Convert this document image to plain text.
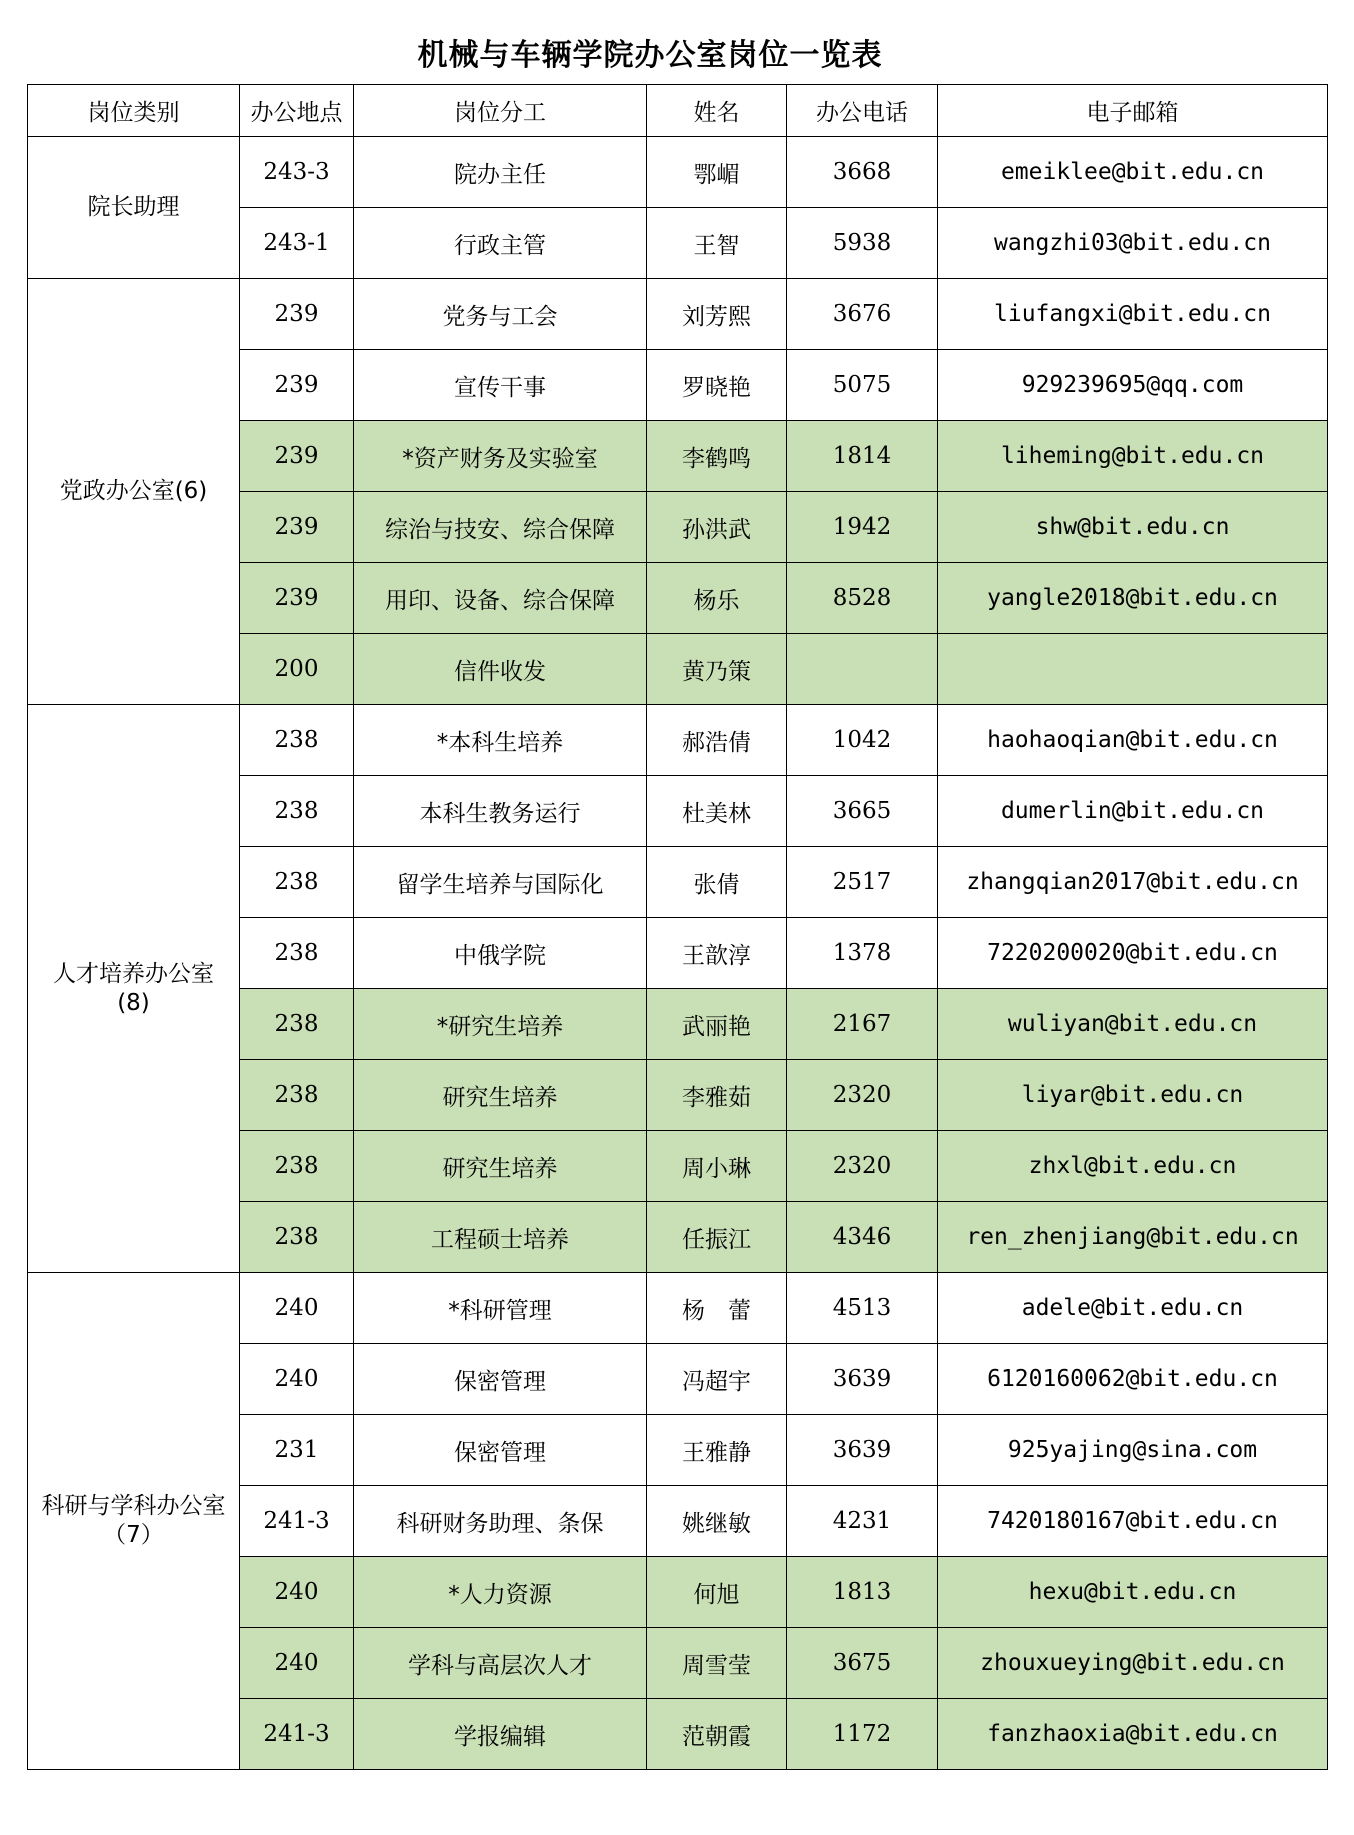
机械与车辆学院办公室岗位一览表
岗位类别	办公地点	岗位分工	姓名	办公电话	电子邮箱
院长助理	243-3	院办主任	鄂嵋	3668	emeiklee@bit.edu.cn
	243-1	行政主管	王智	5938	wangzhi03@bit.edu.cn
党政办公室(6)	239	党务与工会	刘芳熙	3676	liufangxi@bit.edu.cn
	239	宣传干事	罗晓艳	5075	929239695@qq.com
	239	*资产财务及实验室	李鹤鸣	1814	liheming@bit.edu.cn
	239	综治与技安、综合保障	孙洪武	1942	shw@bit.edu.cn
	239	用印、设备、综合保障	杨乐	8528	yangle2018@bit.edu.cn
	200	信件收发	黄乃策		

人才培养办公室
(8)	238	*本科生培养	郝浩倩	1042	haohaoqian@bit.edu.cn
	238	本科生教务运行	杜美林	3665	dumerlin@bit.edu.cn
	238	留学生培养与国际化	张倩	2517	zhangqian2017@bit.edu.cn
	238	中俄学院	王歆淳	1378	7220200020@bit.edu.cn
	238	*研究生培养	武丽艳	2167	wuliyan@bit.edu.cn
	238	研究生培养	李雅茹	2320	liyar@bit.edu.cn
	238	研究生培养	周小琳	2320	zhxl@bit.edu.cn
	238	工程硕士培养	任振江	4346	ren_zhenjiang@bit.edu.cn

科研与学科办公室
（7）	240	*科研管理	杨　蕾	4513	adele@bit.edu.cn
	240	保密管理	冯超宇	3639	6120160062@bit.edu.cn
	231	保密管理	王雅静	3639	925yajing@sina.com
	241-3	科研财务助理、条保	姚继敏	4231	7420180167@bit.edu.cn
	240	*人力资源	何旭	1813	hexu@bit.edu.cn
	240	学科与高层次人才	周雪莹	3675	zhouxueying@bit.edu.cn
	241-3	学报编辑	范朝霞	1172	fanzhaoxia@bit.edu.cn
